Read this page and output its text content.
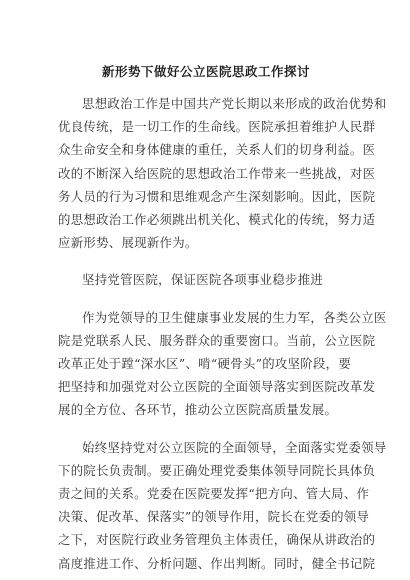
新形势下做好公立医院思政工作探讨
思想政治工作是中国共产党长期以来形成的政治优势和
优良传统，是一切工作的生命线。医院承担着维护人民群
众生命安全和身体健康的重任，关系人们的切身利益。医
改的不断深入给医院的思想政治工作带来一些挑战，对医
务人员的行为习惯和思维观念产生深刻影响。因此，医院
的思想政治工作必须跳出机关化、模式化的传统，努力适
应新形势、展现新作为。
坚持党管医院，保证医院各项事业稳步推进
作为党领导的卫生健康事业发展的生力军，各类公立医
院是党联系人民、服务群众的重要窗口。当前，公立医院
改革正处于蹚“深水区”、啃“硬骨头”的攻坚阶段，要
把坚持和加强党对公立医院的全面领导落实到医院改革发
展的全方位、各环节，推动公立医院高质量发展。
始终坚持党对公立医院的全面领导，全面落实党委领导
下的院长负责制。要正确处理党委集体领导同院长具体负
责之间的关系。党委在医院要发挥“把方向、管大局、作
决策、促改革、保落实”的领导作用，院长在党委的领导
之下，对医院行政业务管理负主体责任，确保从讲政治的
高度推进工作、分析问题、作出判断。同时，健全书记院
